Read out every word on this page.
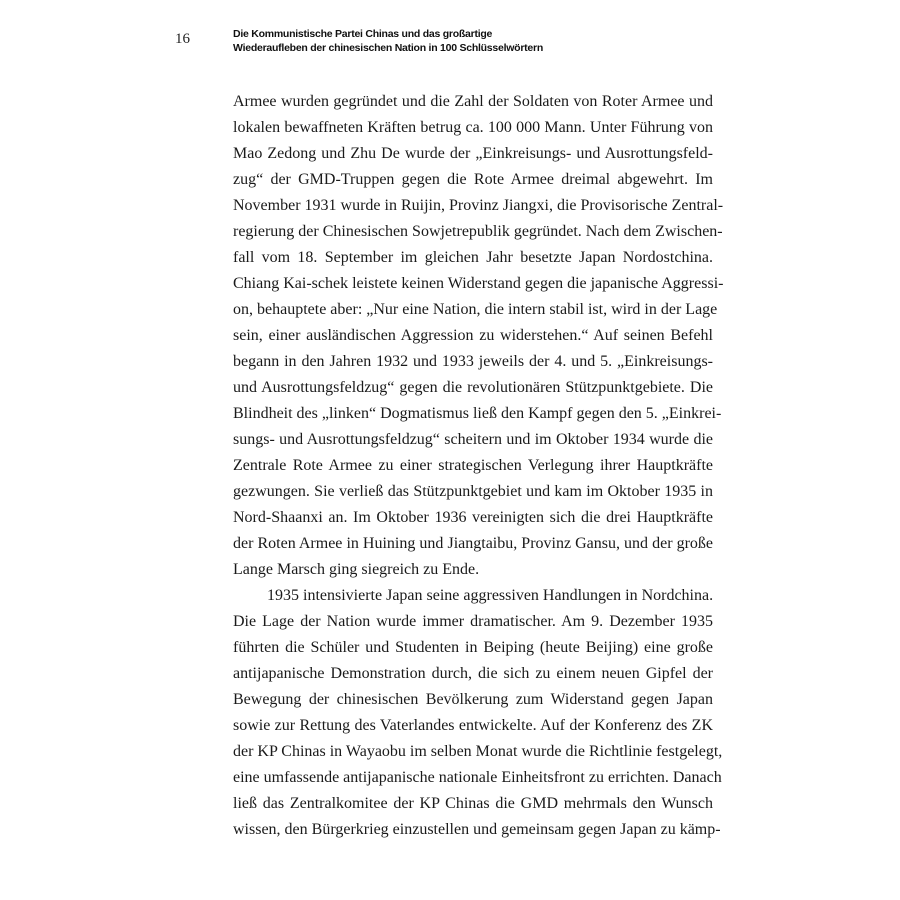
16	Die Kommunistische Partei Chinas und das großartige
Wiederaufleben der chinesischen Nation in 100 Schlüsselwörtern
Armee wurden gegründet und die Zahl der Soldaten von Roter Armee und
lokalen bewaffneten Kräften betrug ca. 100 000 Mann. Unter Führung von
Mao Zedong und Zhu De wurde der „Einkreisungs- und Ausrottungsfeld-
zug“ der GMD-Truppen gegen die Rote Armee dreimal abgewehrt. Im
November 1931 wurde in Ruijin, Provinz Jiangxi, die Provisorische Zentral-
regierung der Chinesischen Sowjetrepublik gegründet. Nach dem Zwischen-
fall vom 18. September im gleichen Jahr besetzte Japan Nordostchina.
Chiang Kai-schek leistete keinen Widerstand gegen die japanische Aggressi-
on, behauptete aber: „Nur eine Nation, die intern stabil ist, wird in der Lage
sein, einer ausländischen Aggression zu widerstehen.“ Auf seinen Befehl
begann in den Jahren 1932 und 1933 jeweils der 4. und 5. „Einkreisungs-
und Ausrottungsfeldzug“ gegen die revolutionären Stützpunktgebiete. Die
Blindheit des „linken“ Dogmatismus ließ den Kampf gegen den 5. „Einkrei-
sungs- und Ausrottungsfeldzug“ scheitern und im Oktober 1934 wurde die
Zentrale Rote Armee zu einer strategischen Verlegung ihrer Hauptkräfte
gezwungen. Sie verließ das Stützpunktgebiet und kam im Oktober 1935 in
Nord-Shaanxi an. Im Oktober 1936 vereinigten sich die drei Hauptkräfte
der Roten Armee in Huining und Jiangtaibu, Provinz Gansu, und der große
Lange Marsch ging siegreich zu Ende.
1935 intensivierte Japan seine aggressiven Handlungen in Nordchina.
Die Lage der Nation wurde immer dramatischer. Am 9. Dezember 1935
führten die Schüler und Studenten in Beiping (heute Beijing) eine große
antijapanische Demonstration durch, die sich zu einem neuen Gipfel der
Bewegung der chinesischen Bevölkerung zum Widerstand gegen Japan
sowie zur Rettung des Vaterlandes entwickelte. Auf der Konferenz des ZK
der KP Chinas in Wayaobu im selben Monat wurde die Richtlinie festgelegt,
eine umfassende antijapanische nationale Einheitsfront zu errichten. Danach
ließ das Zentralkomitee der KP Chinas die GMD mehrmals den Wunsch
wissen, den Bürgerkrieg einzustellen und gemeinsam gegen Japan zu kämp-
